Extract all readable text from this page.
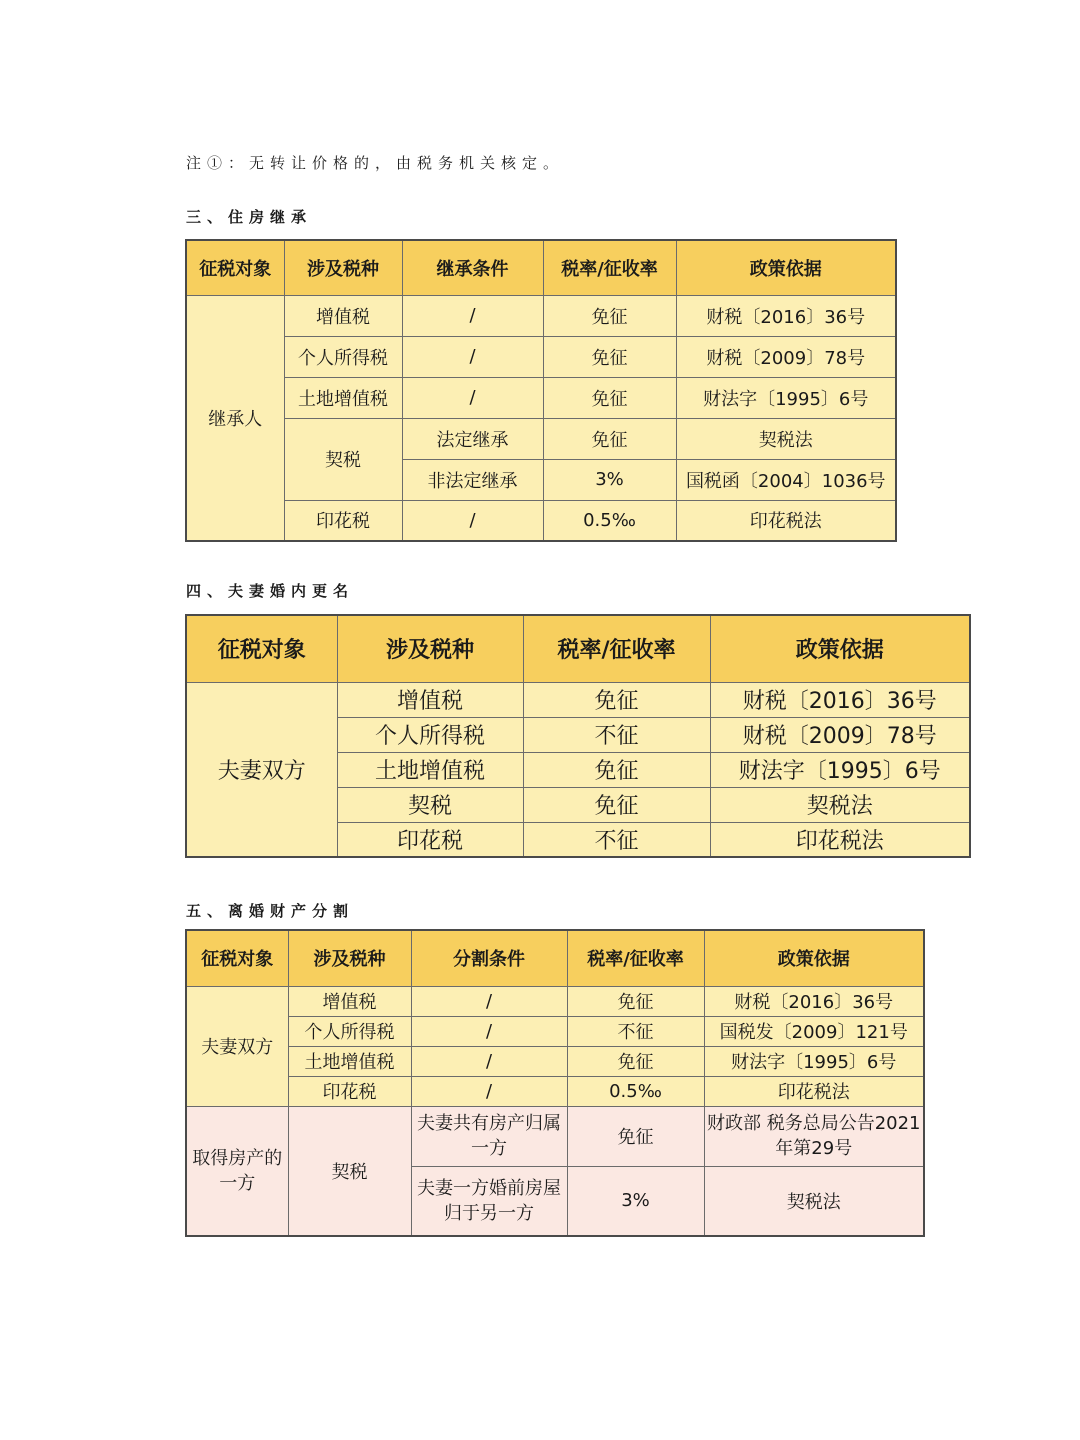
注①：无转让价格的，由税务机关核定。

三、住房继承
征税对象	涉及税种	继承条件	税率/征收率	政策依据
继承人	增值税	/	免征	财税〔2016〕36号
	个人所得税	/	免征	财税〔2009〕78号
	土地增值税	/	免征	财法字〔1995〕6号
	契税	法定继承	免征	契税法
		非法定继承	3%	国税函〔2004〕1036号
	印花税	/	0.5‰	印花税法
四、夫妻婚内更名
征税对象	涉及税种	税率/征收率	政策依据
夫妻双方	增值税	免征	财税〔2016〕36号
	个人所得税	不征	财税〔2009〕78号
	土地增值税	免征	财法字〔1995〕6号
	契税	免征	契税法
	印花税	不征	印花税法
五、离婚财产分割
征税对象	涉及税种	分割条件	税率/征收率	政策依据
夫妻双方	增值税	/	免征	财税〔2016〕36号
	个人所得税	/	不征	国税发〔2009〕121号
	土地增值税	/	免征	财法字〔1995〕6号
	印花税	/	0.5‰	印花税法
取得房产的一方	契税	夫妻共有房产归属一方	免征	财政部 税务总局公告2021年第29号
		夫妻一方婚前房屋归于另一方	3%	契税法
